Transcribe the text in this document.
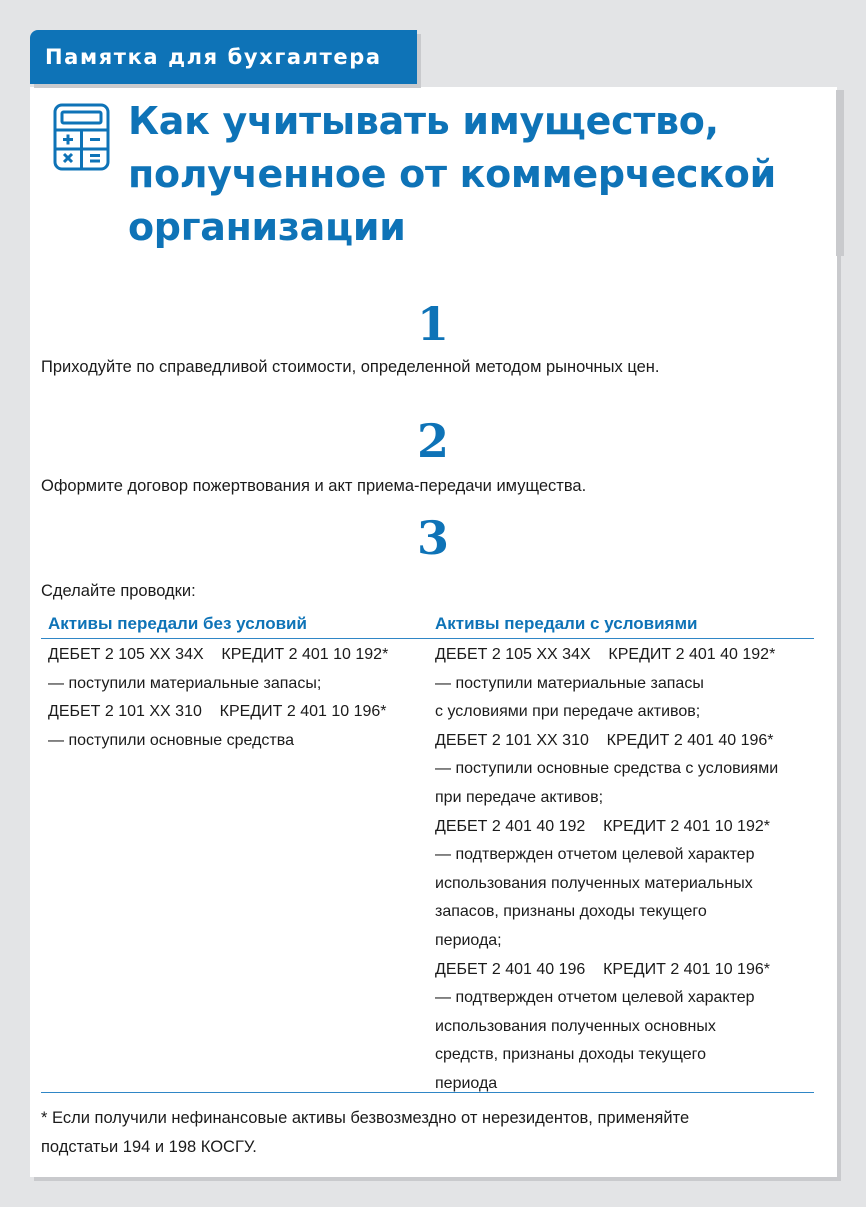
Памятка для бухгалтера
Как учитывать имущество,
полученное от коммерческой
организации
1
Приходуйте по справедливой стоимости, определенной методом рыночных цен.
2
Оформите договор пожертвования и акт приема-передачи имущества.
3
Сделайте проводки:
Активы передали без условий	Активы передали с условиями
ДЕБЕТ 2 105 ХХ 34Х    КРЕДИТ 2 401 10 192*
— поступили материальные запасы;
ДЕБЕТ 2 101 ХХ 310    КРЕДИТ 2 401 10 196*
— поступили основные средства
ДЕБЕТ 2 105 ХХ 34Х    КРЕДИТ 2 401 40 192*
— поступили материальные запасы
с условиями при передаче активов;
ДЕБЕТ 2 101 ХХ 310    КРЕДИТ 2 401 40 196*
— поступили основные средства с условиями
при передаче активов;
ДЕБЕТ 2 401 40 192    КРЕДИТ 2 401 10 192*
— подтвержден отчетом целевой характер
использования полученных материальных
запасов, признаны доходы текущего
периода;
ДЕБЕТ 2 401 40 196    КРЕДИТ 2 401 10 196*
— подтвержден отчетом целевой характер
использования полученных основных
средств, признаны доходы текущего
периода
* Если получили нефинансовые активы безвозмездно от нерезидентов, применяйте
подстатьи 194 и 198 КОСГУ.
